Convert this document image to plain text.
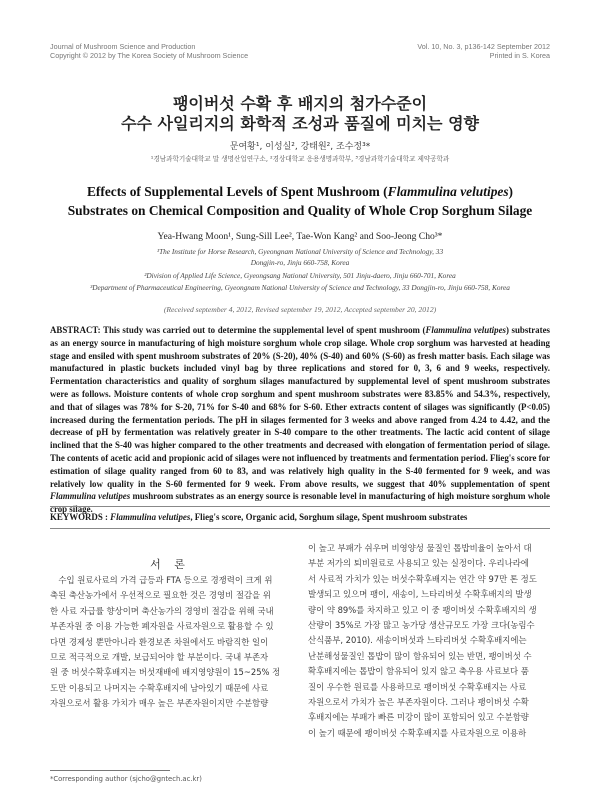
Journal of Mushroom Science and Production
Copyright © 2012 by The Korea Society of Mushroom Science
Vol. 10, No. 3, p136-142 September 2012
Printed in S. Korea
팽이버섯 수확 후 배지의 첨가수준이
수수 사일리지의 화학적 조성과 품질에 미치는 영향
문여황¹, 이성실², 강태원², 조수정³*
¹경남과학기술대학교 말 생명산업연구소, ²경상대학교 응용생명과학부, ³경남과학기술대학교 제약공학과
Effects of Supplemental Levels of Spent Mushroom (Flammulina velutipes)
Substrates on Chemical Composition and Quality of Whole Crop Sorghum Silage
Yea-Hwang Moon¹, Sung-Sill Lee², Tae-Won Kang² and Soo-Jeong Cho³*
¹The Institute for Horse Research, Gyeongnam National University of Science and Technology, 33
Dongjin-ro, Jinju 660-758, Korea
²Division of Applied Life Science, Gyeongsang National University, 501 Jinju-daero, Jinju 660-701, Korea
³Department of Pharmaceutical Engineering, Gyeongnam National University of Science and Technology, 33 Dongjin-ro, Jinju 660-758, Korea
(Received september 4, 2012, Revised september 19, 2012, Accepted september 20, 2012)

ABSTRACT: This study was carried out to determine the supplemental level of spent mushroom (Flammulina velutipes) substrates as an energy source in manufacturing of high moisture sorghum whole crop silage. Whole crop sorghum was harvested at heading stage and ensiled with spent mushroom substrates of 20% (S-20), 40% (S-40) and 60% (S-60) as fresh matter basis. Each silage was manufactured in plastic buckets included vinyl bag by three replications and stored for 0, 3, 6 and 9 weeks, respectively. Fermentation characteristics and quality of sorghum silages manufactured by supplemental level of spent mushroom substrates were as follows. Moisture contents of whole crop sorghum and spent mushroom substrates were 83.85% and 54.3%, respectively, and that of silages was 78% for S-20, 71% for S-40 and 68% for S-60. Ether extracts content of silages was significantly (P<0.05) increased during the fermentation periods. The pH in silages fermented for 3 weeks and above ranged from 4.24 to 4.42, and the decrease of pH by fermentation was relatively greater in S-40 compare to the other treatments. The lactic acid content of silage inclined that the S-40 was higher compared to the other treatments and decreased with elongation of fermentation period of silage. The contents of acetic acid and propionic acid of silages were not influenced by treatments and fermentation period. Flieg's score for estimation of silage quality ranged from 60 to 83, and was relatively high quality in the S-40 fermented for 9 week, and was relatively low quality in the S-60 fermented for 9 week. From above results, we suggest that 40% supplementation of spent Flammulina velutipes mushroom substrates as an energy source is resonable level in manufacturing of high moisture sorghum whole crop silage.

KEYWORDS : Flammulina velutipes, Flieg's score, Organic acid, Sorghum silage, Spent mushroom substrates
서 론
　수입 원료사료의 가격 급등과 FTA 등으로 경쟁력이 크게 위
축된 축산농가에서 우선적으로 필요한 것은 경영비 절감을 위
한 사료 자급률 향상이며 축산농가의 경영비 절감을 위해 국내
부존자원 중 이용 가능한 폐자원을 사료자원으로 활용할 수 있
다면 경제성 뿐만아니라 환경보존 차원에서도 바람직한 일이
므로 적극적으로 개발, 보급되어야 할 부분이다. 국내 부존자
원 중 버섯수확후배지는 버섯재배에 배지영양원이 15~25% 정
도만 이용되고 나머지는 수확후배지에 남아있기 때문에 사료
자원으로서 활용 가치가 매우 높은 부존자원이지만 수분함량
이 높고 부패가 쉬우며 비영양성 물질인 톱밥비율이 높아서 대
부분 저가의 퇴비원료로 사용되고 있는 실정이다. 우리나라에
서 사료적 가치가 있는 버섯수확후배지는 연간 약 97만 톤 정도
발생되고 있으며 팽이, 새송이, 느타리버섯 수확후배지의 발생
량이 약 89%를 차지하고 있고 이 중 팽이버섯 수확후배지의 생
산량이 35%로 가장 많고 농가당 생산규모도 가장 크다(농림수
산식품부, 2010). 새송이버섯과 느타리버섯 수확후배지에는
난분해성물질인 톱밥이 많이 함유되어 있는 반면, 팽이버섯 수
확후배지에는 톱밥이 함유되어 있지 않고 축우용 사료보다 품
질이 우수한 원료를 사용하므로 팽이버섯 수확후배지는 사료
자원으로서 가치가 높은 부존자원이다. 그러나 팽이버섯 수확
후배지에는 부패가 빠른 미강이 많이 포함되어 있고 수분함량
이 높기 때문에 팽이버섯 수확후배지를 사료자원으로 이용하
*Corresponding author (sjcho@gntech.ac.kr)
